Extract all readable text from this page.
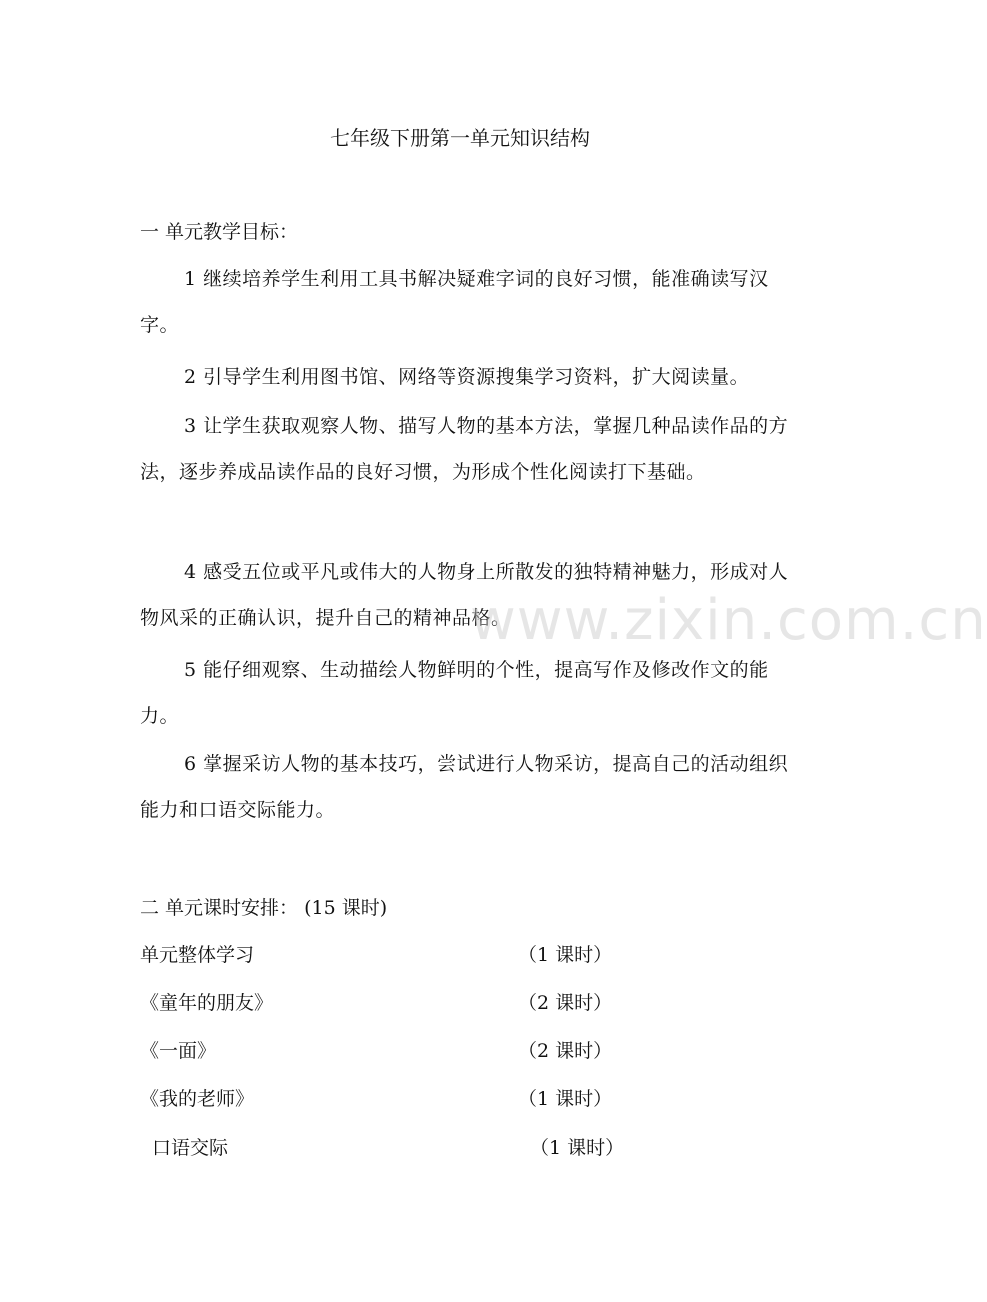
七年级下册第一单元知识结构
一 单元教学目标：

1 继续培养学生利用工具书解决疑难字词的良好习惯，能准确读写汉字。

2 引导学生利用图书馆、网络等资源搜集学习资料，扩大阅读量。

3 让学生获取观察人物、描写人物的基本方法，掌握几种品读作品的方法，逐步养成品读作品的良好习惯，为形成个性化阅读打下基础。

4 感受五位或平凡或伟大的人物身上所散发的独特精神魅力，形成对人物风采的正确认识，提升自己的精神品格。

5 能仔细观察、生动描绘人物鲜明的个性，提高写作及修改作文的能力。

6 掌握采访人物的基本技巧，尝试进行人物采访，提高自己的活动组织能力和口语交际能力。

二 单元课时安排： (15 课时)
单元整体学习	（1 课时）
《童年的朋友》	（2 课时）
《一面》	（2 课时）
《我的老师》	（1 课时）
口语交际	（1 课时）
www.zixin.com.cn
